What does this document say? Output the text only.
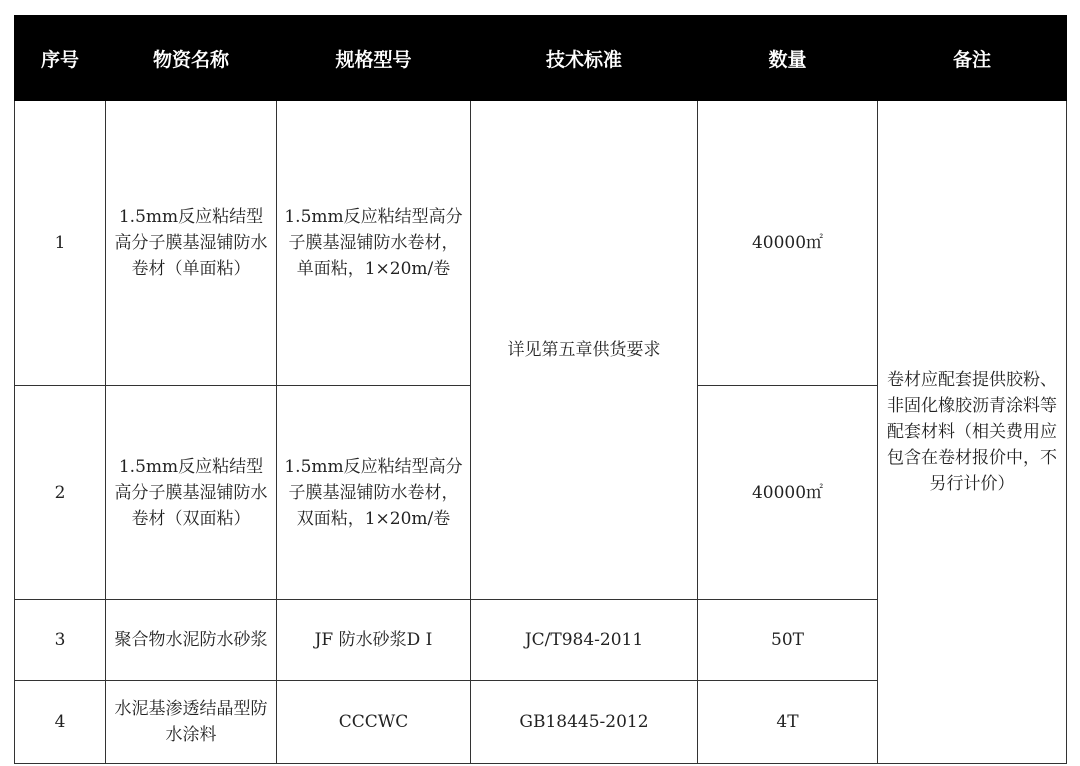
序号	物资名称	规格型号	技术标准	数量	备注
1	1.5mm反应粘结型高分子膜基湿铺防水卷材（单面粘）	1.5mm反应粘结型高分子膜基湿铺防水卷材，单面粘，1×20m/卷	详见第五章供货要求	40000㎡	卷材应配套提供胶粉、非固化橡胶沥青涂料等配套材料（相关费用应包含在卷材报价中，不另行计价）
2	1.5mm反应粘结型高分子膜基湿铺防水卷材（双面粘）	1.5mm反应粘结型高分子膜基湿铺防水卷材，双面粘，1×20m/卷		40000㎡	
3	聚合物水泥防水砂浆	JF 防水砂浆D I	JC/T984-2011	50T	
4	水泥基渗透结晶型防水涂料	CCCWC	GB18445-2012	4T	
